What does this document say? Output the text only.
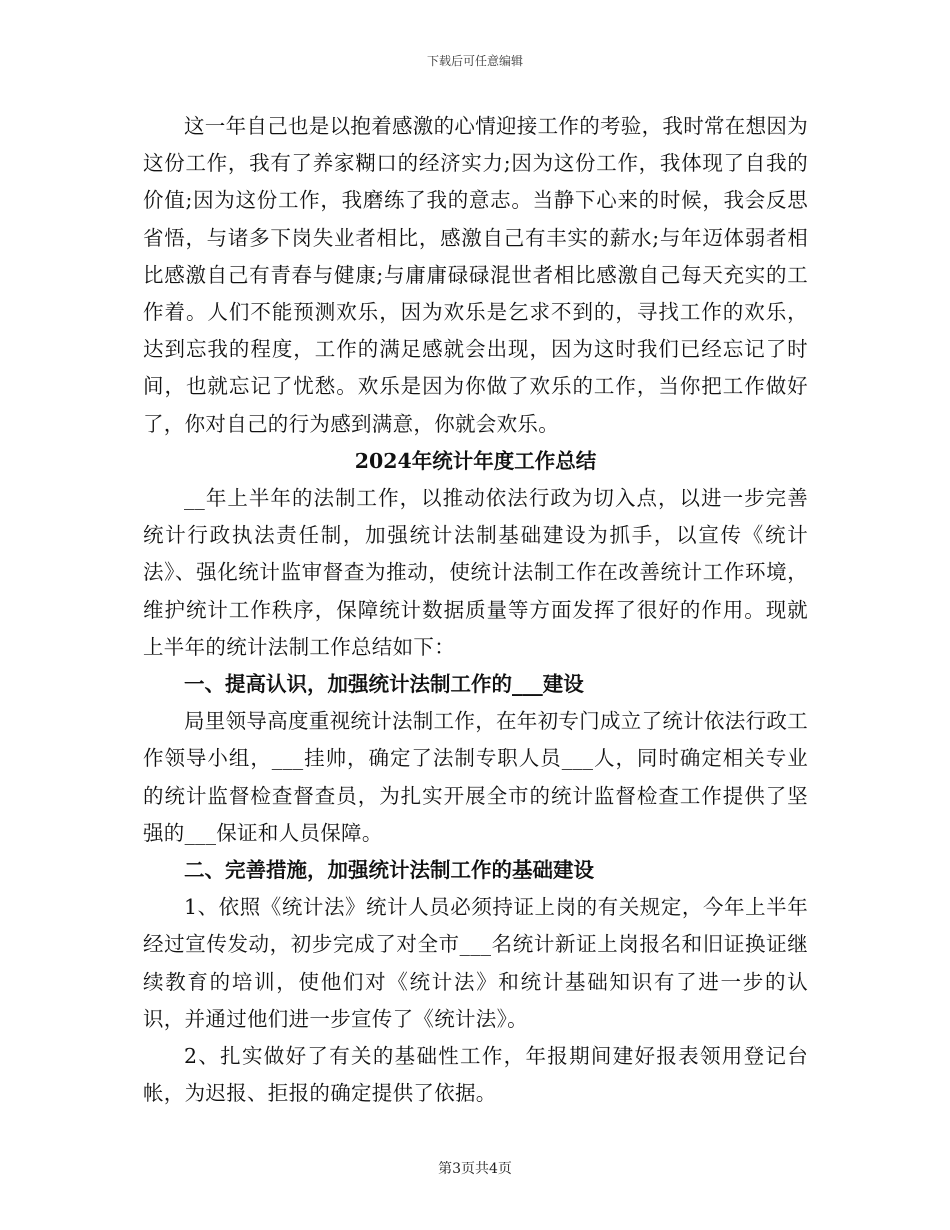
下载后可任意编辑

这一年自己也是以抱着感激的心情迎接工作的考验，我时常在想因为这份工作，我有了养家糊口的经济实力;因为这份工作，我体现了自我的价值;因为这份工作，我磨练了我的意志。当静下心来的时候，我会反思省悟，与诸多下岗失业者相比，感激自己有丰实的薪水;与年迈体弱者相比感激自己有青春与健康;与庸庸碌碌混世者相比感激自己每天充实的工作着。人们不能预测欢乐，因为欢乐是乞求不到的，寻找工作的欢乐，达到忘我的程度，工作的满足感就会出现，因为这时我们已经忘记了时间，也就忘记了忧愁。欢乐是因为你做了欢乐的工作，当你把工作做好了，你对自己的行为感到满意，你就会欢乐。

2024年统计年度工作总结

__年上半年的法制工作，以推动依法行政为切入点，以进一步完善统计行政执法责任制，加强统计法制基础建设为抓手，以宣传《统计法》、强化统计监审督查为推动，使统计法制工作在改善统计工作环境，维护统计工作秩序，保障统计数据质量等方面发挥了很好的作用。现就上半年的统计法制工作总结如下：

一、提高认识，加强统计法制工作的___建设

局里领导高度重视统计法制工作，在年初专门成立了统计依法行政工作领导小组，___挂帅，确定了法制专职人员___人，同时确定相关专业的统计监督检查督查员，为扎实开展全市的统计监督检查工作提供了坚强的___保证和人员保障。

二、完善措施，加强统计法制工作的基础建设

1、依照《统计法》统计人员必须持证上岗的有关规定，今年上半年经过宣传发动，初步完成了对全市___名统计新证上岗报名和旧证换证继续教育的培训，使他们对《统计法》和统计基础知识有了进一步的认识，并通过他们进一步宣传了《统计法》。

2、扎实做好了有关的基础性工作，年报期间建好报表领用登记台帐，为迟报、拒报的确定提供了依据。

第3页共4页
